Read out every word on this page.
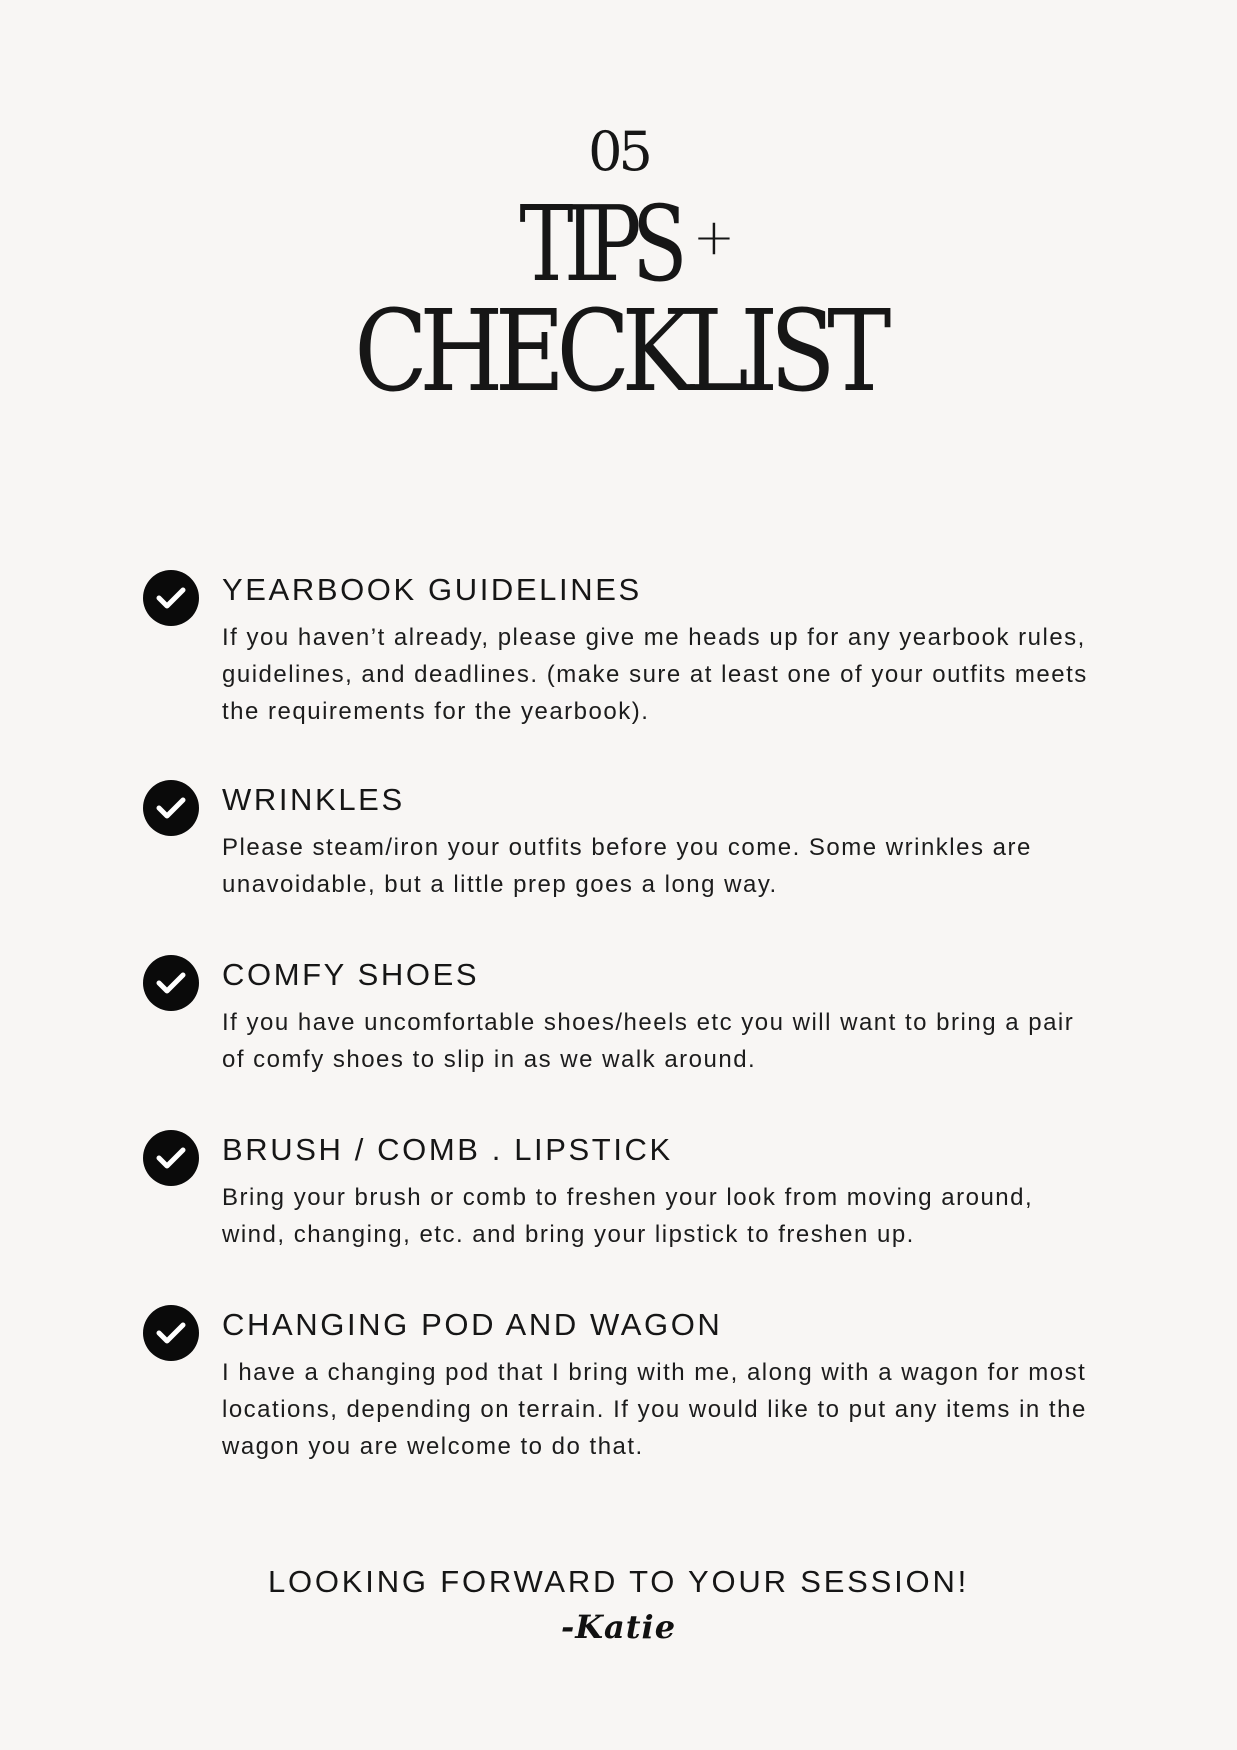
05
TIPS +
CHECKLIST
YEARBOOK GUIDELINES

If you haven’t already, please give me heads up for any yearbook rules, guidelines, and deadlines. (make sure at least one of your outfits meets the requirements for the yearbook).

WRINKLES

Please steam/iron your outfits before you come. Some wrinkles are unavoidable, but a little prep goes a long way.

COMFY SHOES

If you have uncomfortable shoes/heels etc you will want to bring a pair of comfy shoes to slip in as we walk around.

BRUSH / COMB . LIPSTICK

Bring your brush or comb to freshen your look from moving around, wind, changing, etc. and bring your lipstick to freshen up.

CHANGING POD AND WAGON

I have a changing pod that I bring with me, along with a wagon for most locations, depending on terrain. If you would like to put any items in the wagon you are welcome to do that.

LOOKING FORWARD TO YOUR SESSION!
-Katie
